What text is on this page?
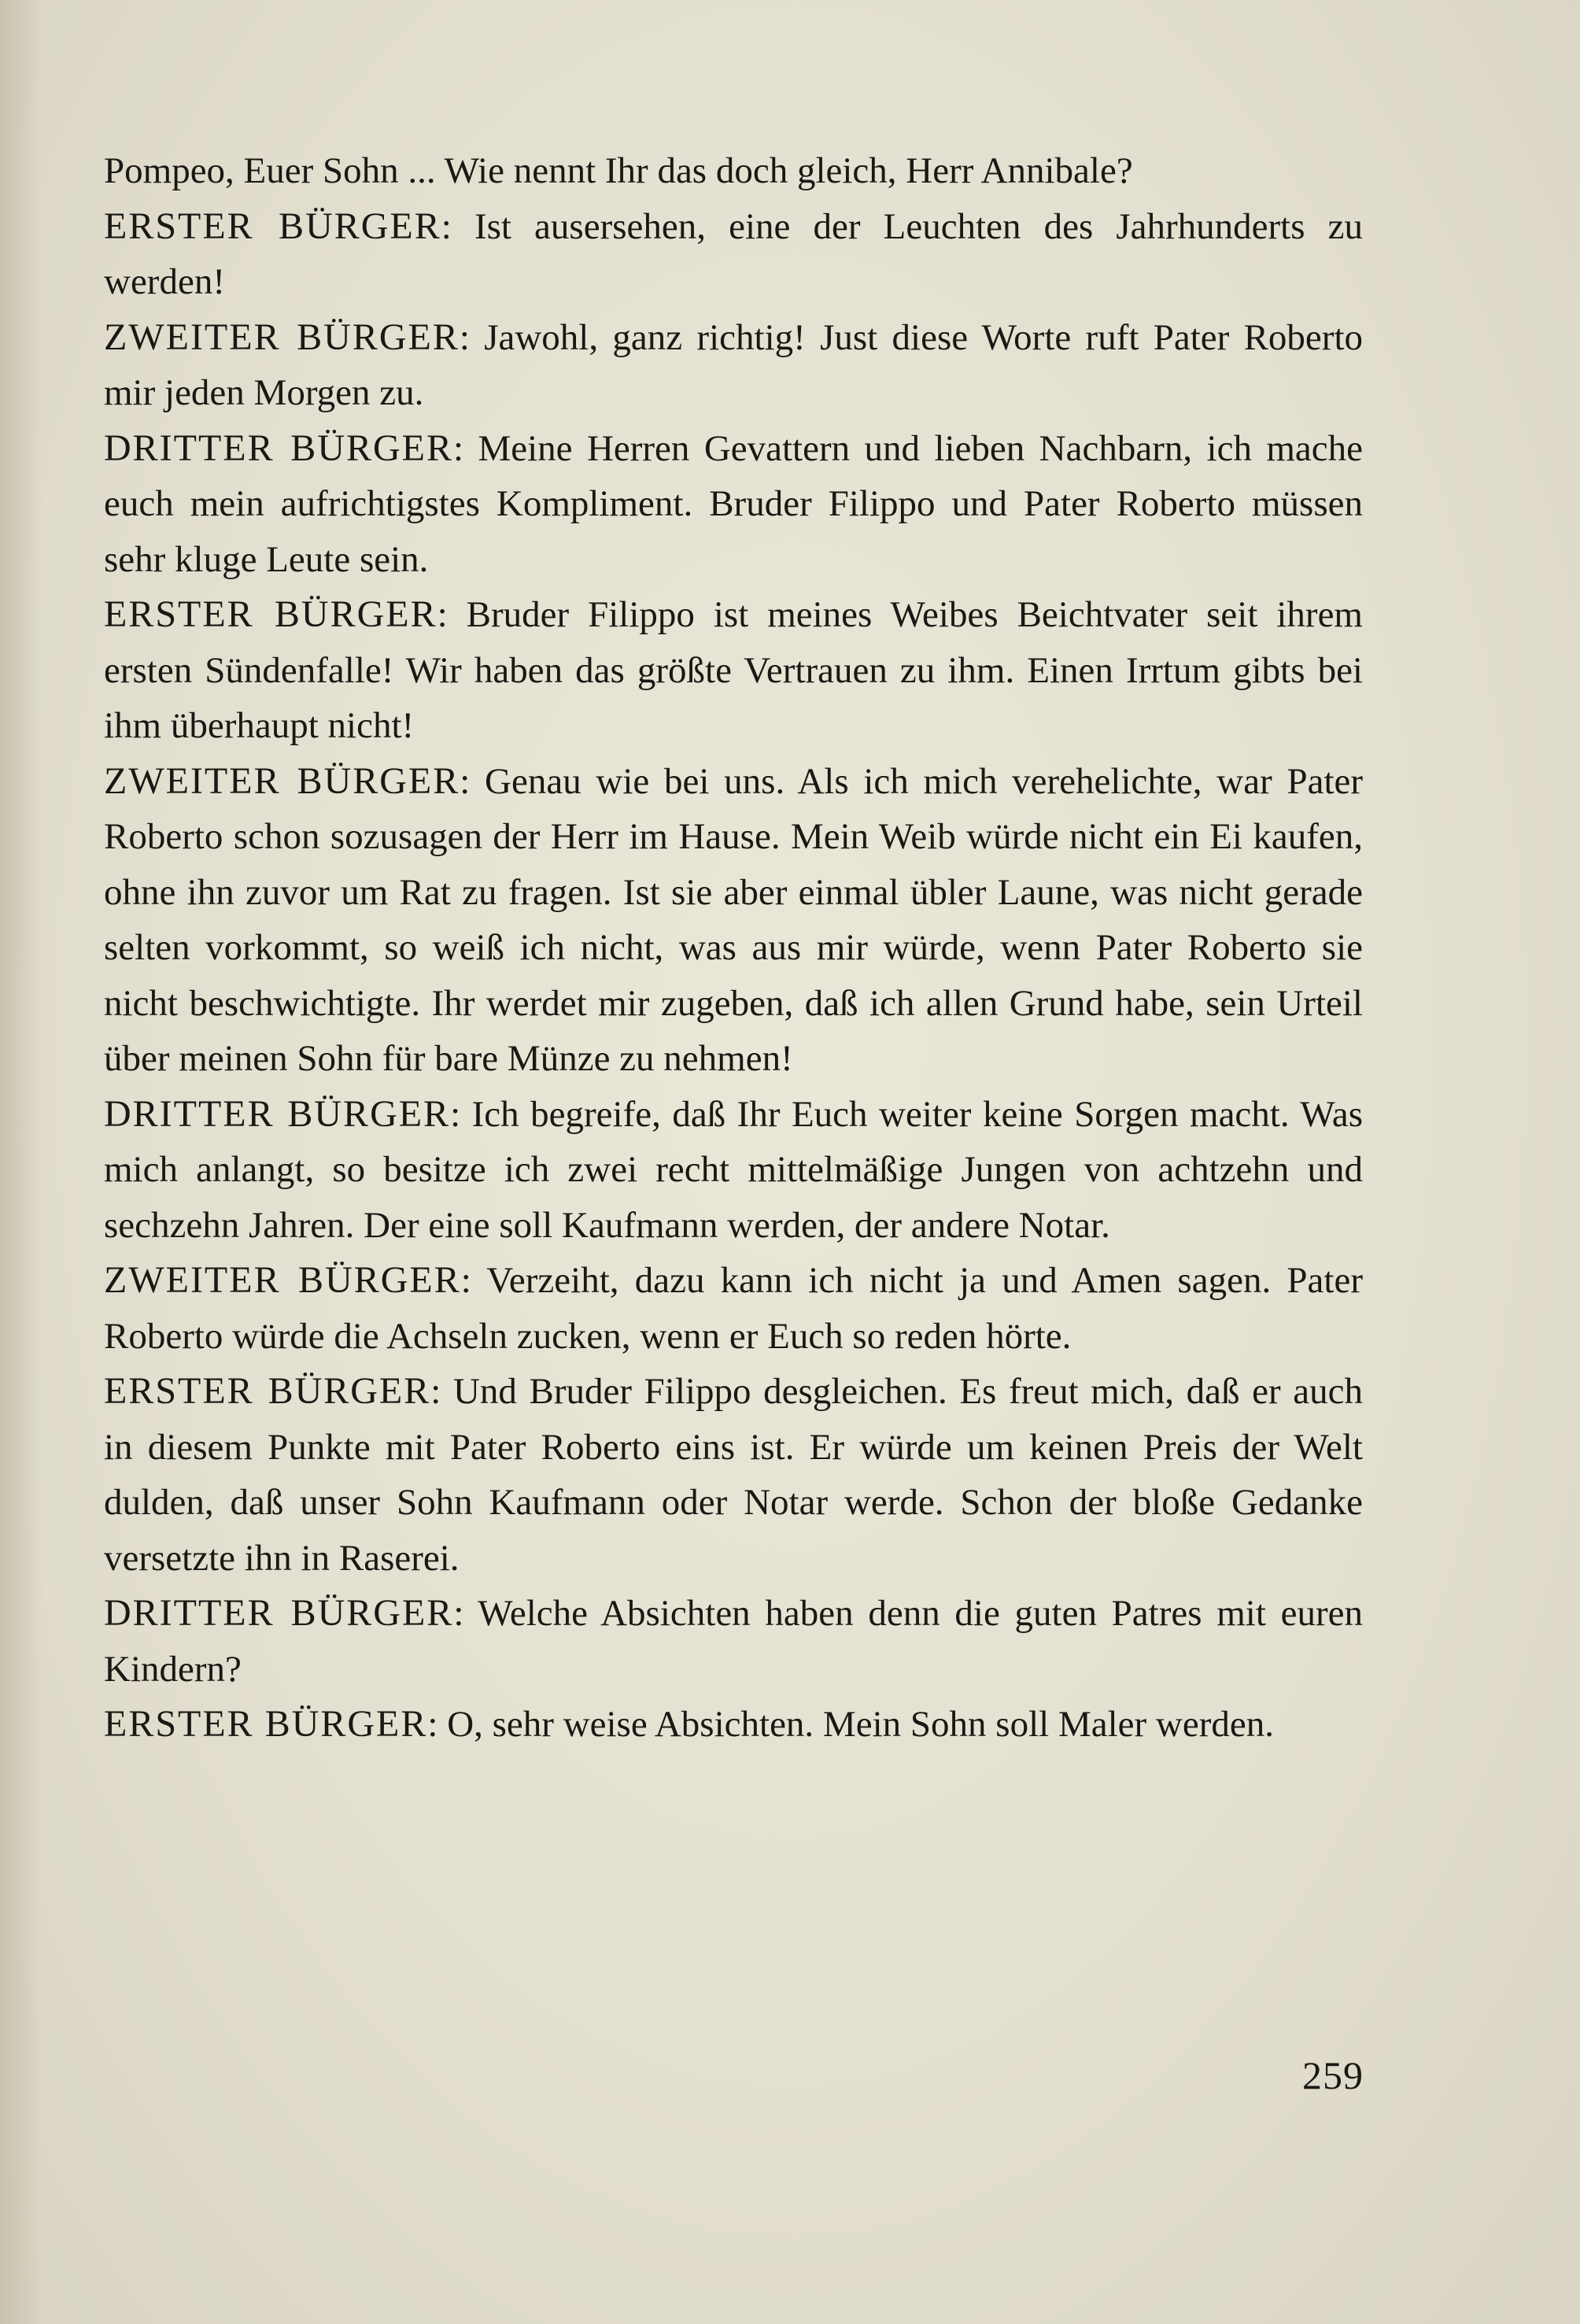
Pompeo, Euer Sohn ... Wie nennt Ihr das doch gleich, Herr Annibale?

ERSTER BÜRGER: Ist ausersehen, eine der Leuchten des Jahrhunderts zu werden!

ZWEITER BÜRGER: Jawohl, ganz richtig! Just diese Worte ruft Pater Roberto mir jeden Morgen zu.

DRITTER BÜRGER: Meine Herren Gevattern und lieben Nachbarn, ich mache euch mein aufrichtigstes Kompliment. Bruder Filippo und Pater Roberto müssen sehr kluge Leute sein.

ERSTER BÜRGER: Bruder Filippo ist meines Weibes Beichtvater seit ihrem ersten Sündenfalle! Wir haben das größte Vertrauen zu ihm. Einen Irrtum gibts bei ihm überhaupt nicht!

ZWEITER BÜRGER: Genau wie bei uns. Als ich mich verehelichte, war Pater Roberto schon sozusagen der Herr im Hause. Mein Weib würde nicht ein Ei kaufen, ohne ihn zuvor um Rat zu fragen. Ist sie aber einmal übler Laune, was nicht gerade selten vorkommt, so weiß ich nicht, was aus mir würde, wenn Pater Roberto sie nicht beschwichtigte. Ihr werdet mir zugeben, daß ich allen Grund habe, sein Urteil über meinen Sohn für bare Münze zu nehmen!

DRITTER BÜRGER: Ich begreife, daß Ihr Euch weiter keine Sorgen macht. Was mich anlangt, so besitze ich zwei recht mittelmäßige Jungen von achtzehn und sechzehn Jahren. Der eine soll Kaufmann werden, der andere Notar.

ZWEITER BÜRGER: Verzeiht, dazu kann ich nicht ja und Amen sagen. Pater Roberto würde die Achseln zucken, wenn er Euch so reden hörte.

ERSTER BÜRGER: Und Bruder Filippo desgleichen. Es freut mich, daß er auch in diesem Punkte mit Pater Roberto eins ist. Er würde um keinen Preis der Welt dulden, daß unser Sohn Kaufmann oder Notar werde. Schon der bloße Gedanke versetzte ihn in Raserei.

DRITTER BÜRGER: Welche Absichten haben denn die guten Patres mit euren Kindern?

ERSTER BÜRGER: O, sehr weise Absichten. Mein Sohn soll Maler werden.

259
